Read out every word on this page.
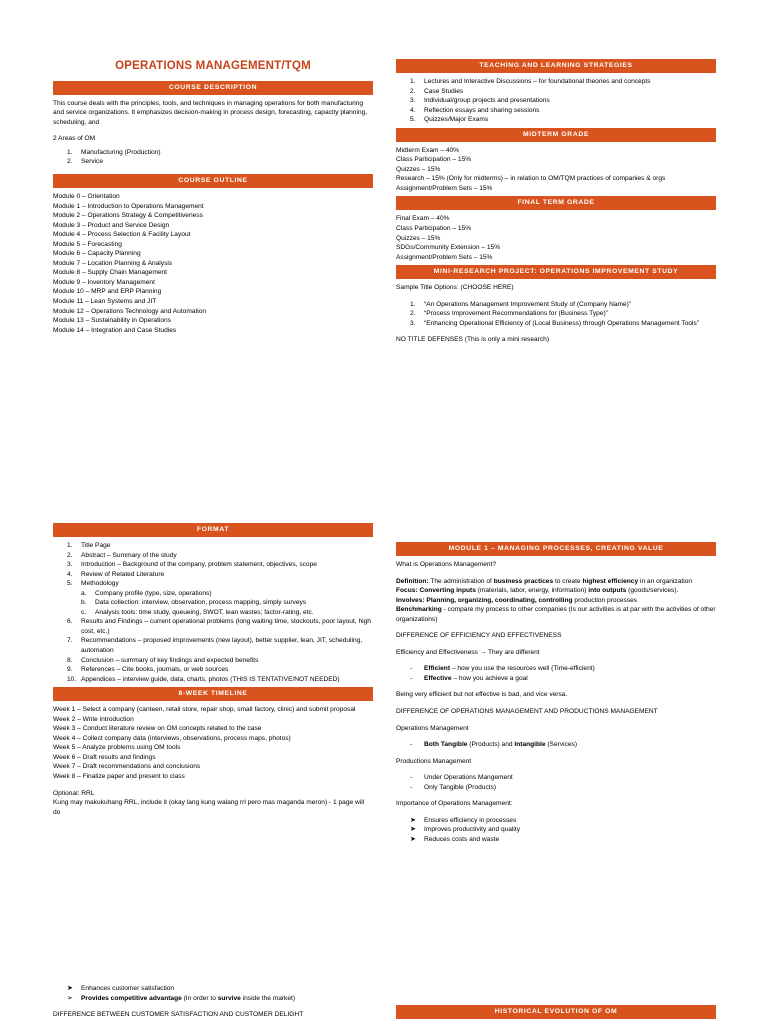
OPERATIONS MANAGEMENT/TQM
COURSE DESCRIPTION

This course deals with the principles, tools, and techniques in managing operations for both manufacturing and service organizations. It emphasizes decision-making in process design, forecasting, capacity planning, scheduling, and

2 Areas of OM

1. Manufacturing (Production)
2. Service
COURSE OUTLINE
Module 0 – Orientation
Module 1 – Introduction to Operations Management
Module 2 – Operations Strategy & Competitiveness
Module 3 – Product and Service Design
Module 4 – Process Selection & Facility Layout
Module 5 – Forecasting
Module 6 – Capacity Planning
Module 7 – Location Planning & Analysis
Module 8 – Supply Chain Management
Module 9 – Inventory Management
Module 10 – MRP and ERP Planning
Module 11 – Lean Systems and JIT
Module 12 – Operations Technology and Automation
Module 13 – Sustainability in Operations
Module 14 – Integration and Case Studies
TEACHING AND LEARNING STRATEGIES
1. Lectures and Interactive Discussions – for foundational theories and concepts
2. Case Studies
3. Individual/group projects and presentations
4. Reflection essays and sharing sessions
5. Quizzes/Major Exams
MIDTERM GRADE
Midterm Exam – 40%
Class Participation – 15%
Quizzes – 15%
Research – 15% (Only for midterms) – in relation to OM/TQM practices of companies & orgs
Assignment/Problem Sets – 15%
FINAL TERM GRADE
Final Exam – 40%
Class Participation – 15%
Quizzes – 15%
SDGs/Community Extension – 15%
Assignment/Problem Sets – 15%
MINI-RESEARCH PROJECT: OPERATIONS IMPROVEMENT STUDY

Sample Title Options: (CHOOSE HERE)

1. “An Operations Management Improvement Study of (Company Name)”
2. “Process Improvement Recommendations for (Business Type)”
3. “Enhancing Operational Efficiency of (Local Business) through Operations Management Tools”

NO TITLE DEFENSES (This is only a mini research)

FORMAT
1. Title Page
2. Abstract – Summary of the study
3. Introduction – Background of the company, problem statement, objectives, scope
4. Review of Related Literature
5. Methodology
a. Company profile (type, size, operations)
b. Data collection: interview, observation, process mapping, simply surveys
c. Analysis tools: time study, queueing, SWOT, lean wastes; factor-rating, etc.
6. Results and Findings – current operational problems (long waiting time, stockouts, poor layout, high cost, etc.)
7. Recommendations – proposed improvements (new layout), better supplier, lean, JIT, scheduling, automation
8. Conclusion – summary of key findings and expected benefits
9. References – Cite books, journals, or web sources
10. Appendices – interview guide, data, charts, photos (THIS IS TENTATIVE/NOT NEEDED)
8-WEEK TIMELINE
Week 1 – Select a company (canteen, retail store, repair shop, small factory, clinic) and submit proposal
Week 2 – Write introduction
Week 3 – Conduct literature review on OM concepts related to the case
Week 4 – Collect company data (interviews, observations, process maps, photos)
Week 5 – Analyze problems using OM tools
Week 6 – Draft results and findings
Week 7 – Draft recommendations and conclusions
Week 8 – Finalize paper and present to class

Optional: RRL

Kung may makukuhang RRL, include it (okay lang kung walang rrl pero mas maganda meron) - 1 page will do

MODULE 1 – MANAGING PROCESSES, CREATING VALUE

What is Operations Management?

Definition: The administration of business practices to create highest efficiency in an organization

Focus: Converting inputs (materials, labor, energy, information) into outputs (goods/services).

Involves: Planning, organizing, coordinating, controlling production processes

Benchmarking - compare my process to other companies (Is our activities is at par with the activities of other organizations)

DIFFERENCE OF EFFICIENCY AND EFFECTIVENESS

Efficiency and Effectiveness → They are different

- Efficient – how you use the resources well (Time-efficient)
- Effective – how you achieve a goal

Being very efficient but not effective is bad, and vice versa.

DIFFERENCE OF OPERATIONS MANAGEMENT AND PRODUCTIONS MANAGEMENT

Operations Management

- Both Tangible (Products) and Intangible (Services)

Productions Management

- Under Operations Mangement
- Only Tangible (Products)

Importance of Operations Management:

➤ Ensures efficiency in processes
➤ Improves productivity and quality
➤ Reduces costs and waste
➤ Enhances customer satisfaction
➢ Provides competitive advantage (In order to survive inside the market)

DIFFERENCE BETWEEN CUSTOMER SATISFACTION AND CUSTOMER DELIGHT	HISTORICAL EVOLUTION OF OM
